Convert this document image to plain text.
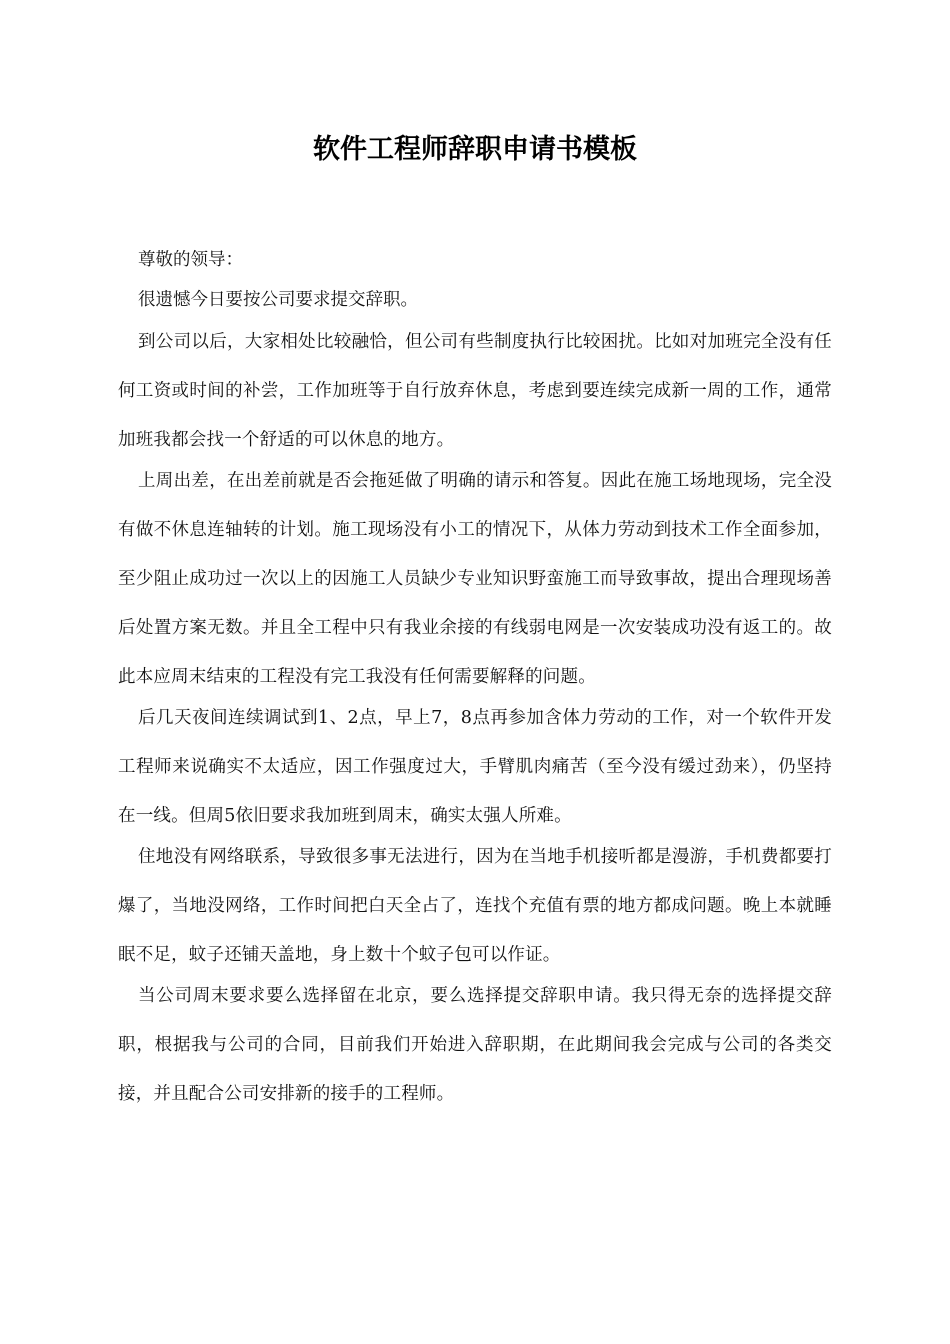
软件工程师辞职申请书模板

尊敬的领导：

很遗憾今日要按公司要求提交辞职。

到公司以后，大家相处比较融恰，但公司有些制度执行比较困扰。比如对加班完全没有任何工资或时间的补尝，工作加班等于自行放弃休息，考虑到要连续完成新一周的工作，通常加班我都会找一个舒适的可以休息的地方。

上周出差，在出差前就是否会拖延做了明确的请示和答复。因此在施工场地现场，完全没有做不休息连轴转的计划。施工现场没有小工的情况下，从体力劳动到技术工作全面参加，至少阻止成功过一次以上的因施工人员缺少专业知识野蛮施工而导致事故，提出合理现场善后处置方案无数。并且全工程中只有我业余接的有线弱电网是一次安装成功没有返工的。故此本应周末结束的工程没有完工我没有任何需要解释的问题。

后几天夜间连续调试到1、2点，早上7，8点再参加含体力劳动的工作，对一个软件开发工程师来说确实不太适应，因工作强度过大，手臂肌肉痛苦（至今没有缓过劲来），仍坚持在一线。但周5依旧要求我加班到周末，确实太强人所难。

住地没有网络联系，导致很多事无法进行，因为在当地手机接听都是漫游，手机费都要打爆了，当地没网络，工作时间把白天全占了，连找个充值有票的地方都成问题。晚上本就睡眠不足，蚊子还铺天盖地，身上数十个蚊子包可以作证。

当公司周末要求要么选择留在北京，要么选择提交辞职申请。我只得无奈的选择提交辞职，根据我与公司的合同，目前我们开始进入辞职期，在此期间我会完成与公司的各类交接，并且配合公司安排新的接手的工程师。
